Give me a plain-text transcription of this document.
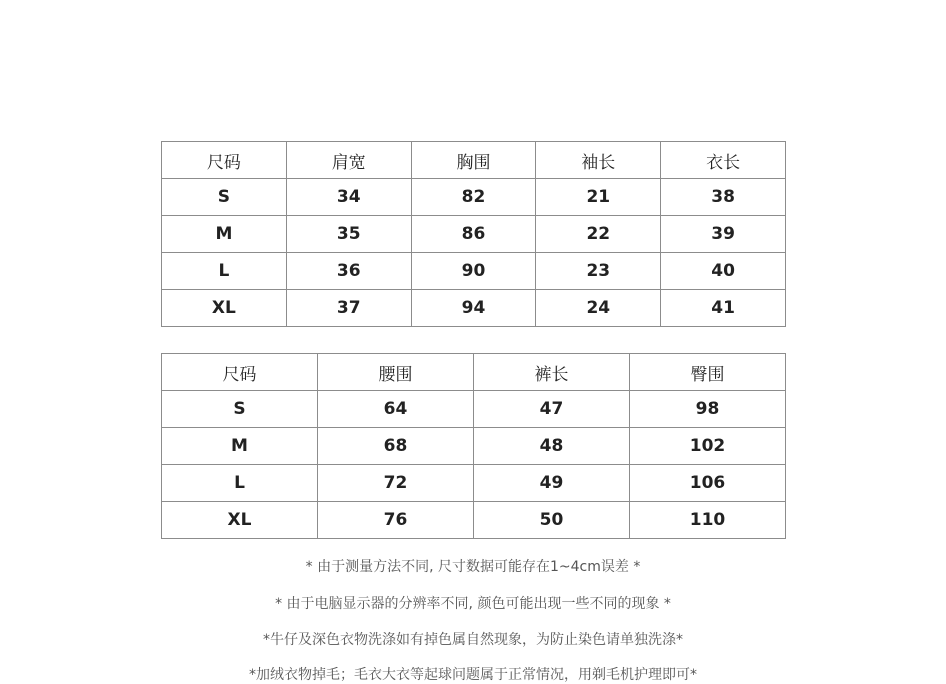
尺码	肩宽	胸围	袖长	衣长
S	34	82	21	38
M	35	86	22	39
L	36	90	23	40
XL	37	94	24	41
尺码	腰围	裤长	臀围
S	64	47	98
M	68	48	102
L	72	49	106
XL	76	50	110
* 由于测量方法不同, 尺寸数据可能存在1~4cm误差 *
* 由于电脑显示器的分辨率不同, 颜色可能出现一些不同的现象 *
*牛仔及深色衣物洗涤如有掉色属自然现象，为防止染色请单独洗涤*
*加绒衣物掉毛；毛衣大衣等起球问题属于正常情况，用剃毛机护理即可*
